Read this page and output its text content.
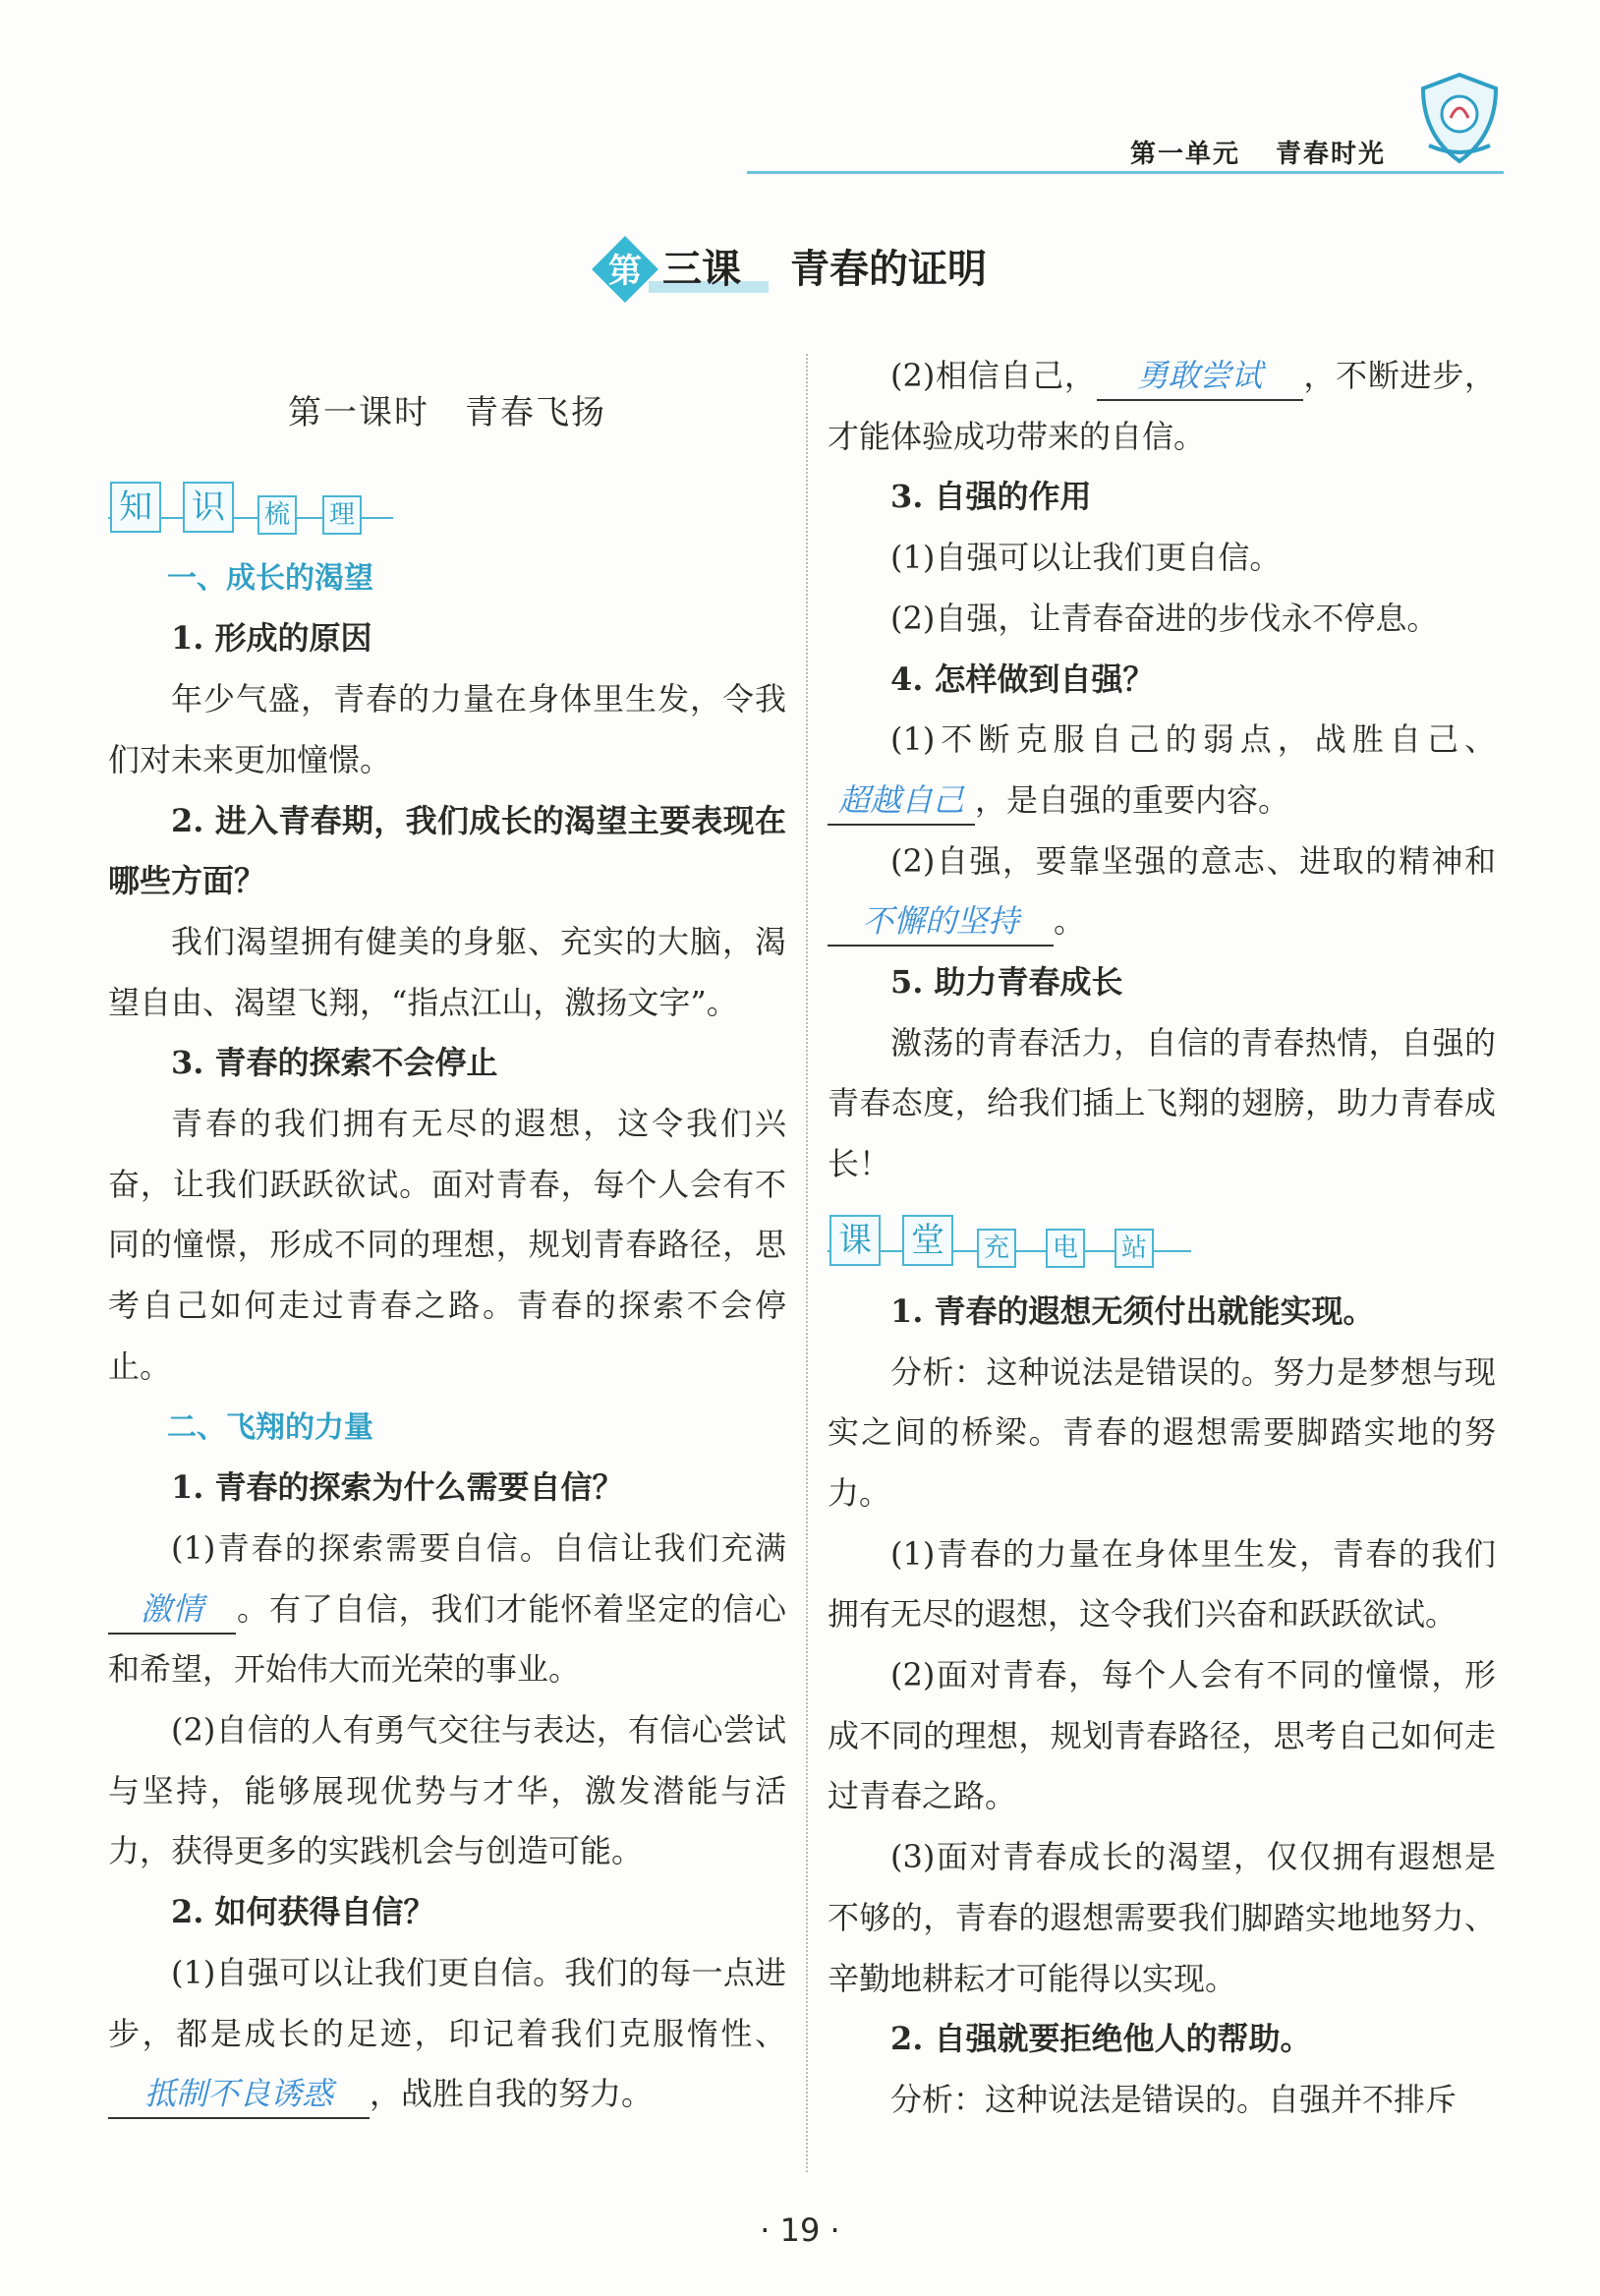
第一单元 青春时光
第 三课 青春的证明

第一课时　青春飞扬

知 识	梳 理

一、成长的渴望

1. 形成的原因

年少气盛，青春的力量在身体里生发，令我们对未来更加憧憬。

2. 进入青春期，我们成长的渴望主要表现在哪些方面？

我们渴望拥有健美的身躯、充实的大脑，渴望自由、渴望飞翔，“指点江山，激扬文字”。

3. 青春的探索不会停止

青春的我们拥有无尽的遐想，这令我们兴奋，让我们跃跃欲试。面对青春，每个人会有不同的憧憬，形成不同的理想，规划青春路径，思考自己如何走过青春之路。青春的探索不会停止。

二、飞翔的力量

1. 青春的探索为什么需要自信？

(1)青春的探索需要自信。自信让我们充满激情 。有了自信，我们才能怀着坚定的信心和希望，开始伟大而光荣的事业。

(2)自信的人有勇气交往与表达，有信心尝试与坚持，能够展现优势与才华，激发潜能与活力，获得更多的实践机会与创造可能。

2. 如何获得自信？

(1)自强可以让我们更自信。我们的每一点进步，都是成长的足迹，印记着我们克服惰性、抵制不良诱惑 ，战胜自我的努力。

(2)相信自己， 勇敢尝试 ，不断进步，才能体验成功带来的自信。

3. 自强的作用

(1)自强可以让我们更自信。

(2)自强，让青春奋进的步伐永不停息。

4. 怎样做到自强？

(1)不断克服自己的弱点，战胜自己、超越自己 ，是自强的重要内容。

(2)自强，要靠坚强的意志、进取的精神和不懈的坚持 。

5. 助力青春成长

激荡的青春活力，自信的青春热情，自强的青春态度，给我们插上飞翔的翅膀，助力青春成长！

课 堂	充 电 站

1. 青春的遐想无须付出就能实现。

分析：这种说法是错误的。努力是梦想与现实之间的桥梁。青春的遐想需要脚踏实地的努力。

(1)青春的力量在身体里生发，青春的我们拥有无尽的遐想，这令我们兴奋和跃跃欲试。

(2)面对青春，每个人会有不同的憧憬，形成不同的理想，规划青春路径，思考自己如何走过青春之路。

(3)面对青春成长的渴望，仅仅拥有遐想是不够的，青春的遐想需要我们脚踏实地地努力、辛勤地耕耘才可能得以实现。

2. 自强就要拒绝他人的帮助。

分析：这种说法是错误的。自强并不排斥

· 19 ·
